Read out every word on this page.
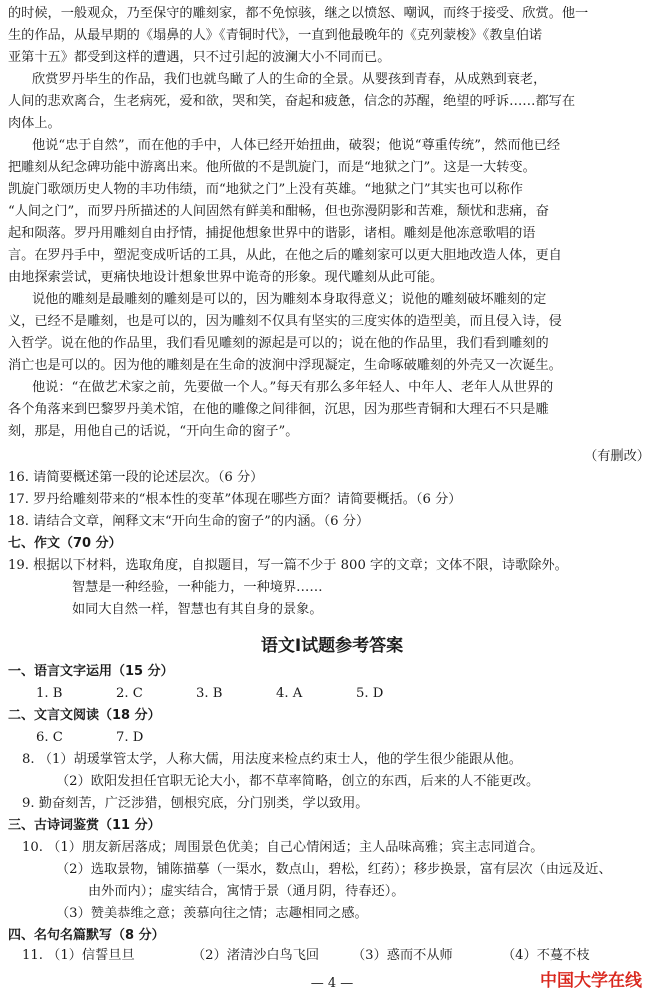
的时候，一般观众，乃至保守的雕刻家，都不免惊骇，继之以愤怒、嘲讽，而终于接受、欣赏。他一
生的作品，从最早期的《塌鼻的人》《青铜时代》，一直到他最晚年的《克列蒙梭》《教皇伯诺
亚第十五》都受到这样的遭遇，只不过引起的波澜大小不同而已。
欣赏罗丹毕生的作品，我们也就鸟瞰了人的生命的全景。从婴孩到青春，从成熟到衰老，
人间的悲欢离合，生老病死，爱和欲，哭和笑，奋起和疲惫，信念的苏醒，绝望的呼诉……都写在
肉体上。
他说“忠于自然”，而在他的手中，人体已经开始扭曲，破裂；他说“尊重传统”，然而他已经
把雕刻从纪念碑功能中游离出来。他所做的不是凯旋门，而是“地狱之门”。这是一大转变。
凯旋门歌颂历史人物的丰功伟绩，而“地狱之门”上没有英雄。“地狱之门”其实也可以称作
“人间之门”，而罗丹所描述的人间固然有鲜美和酣畅，但也弥漫阴影和苦难，颓忧和悲痛，奋
起和陨落。罗丹用雕刻自由抒情，捕捉他想象世界中的谐影，诸相。雕刻是他冻意歌唱的语
言。在罗丹手中，塑泥变成听话的工具，从此，在他之后的雕刻家可以更大胆地改造人体，更自
由地探索尝试，更痛快地设计想象世界中诡奇的形象。现代雕刻从此可能。
说他的雕刻是最雕刻的雕刻是可以的，因为雕刻本身取得意义；说他的雕刻破坏雕刻的定
义，已经不是雕刻，也是可以的，因为雕刻不仅具有坚实的三度实体的造型美，而且侵入诗，侵
入哲学。说在他的作品里，我们看见雕刻的源起是可以的；说在他的作品里，我们看到雕刻的
消亡也是可以的。因为他的雕刻是在生命的波涧中浮现凝定，生命啄破雕刻的外壳又一次诞生。
他说：“在做艺术家之前，先要做一个人。”每天有那么多年轻人、中年人、老年人从世界的
各个角落来到巴黎罗丹美术馆，在他的雕像之间徘徊，沉思，因为那些青铜和大理石不只是雕
刻，那是，用他自己的话说，“开向生命的窗子”。
（有删改）
16. 请简要概述第一段的论述层次。（6 分）
17. 罗丹给雕刻带来的“根本性的变革”体现在哪些方面？请简要概括。（6 分）
18. 请结合文章，阐释文末“开向生命的窗子”的内涵。（6 分）
七、作文（70 分）
19. 根据以下材料，选取角度，自拟题目，写一篇不少于 800 字的文章；文体不限，诗歌除外。
智慧是一种经验，一种能力，一种境界……
如同大自然一样，智慧也有其自身的景象。
语文Ⅰ试题参考答案
一、语言文字运用（15 分）
1. B	2. C	3. B	4. A	5. D
二、文言文阅读（18 分）
6. C	7. D
8. （1）胡瑗掌管太学，人称大儒，用法度来检点约束士人，他的学生很少能跟从他。
（2）欧阳发担任官职无论大小，都不草率简略，创立的东西，后来的人不能更改。
9. 勤奋刻苦，广泛涉猎，刨根究底，分门别类，学以致用。
三、古诗词鉴赏（11 分）
10. （1）朋友新居落成；周围景色优美；自己心情闲适；主人品味高雅；宾主志同道合。
（2）选取景物，铺陈描摹（一渠水，数点山，碧松，红药）；移步换景，富有层次（由远及近、
由外而内）；虚实结合，寓情于景（通月阴，待春还）。
（3）赞美恭维之意；羡慕向往之情；志趣相同之感。
四、名句名篇默写（8 分）
11. （1）信誓旦旦	（2）渚清沙白鸟飞回 （3）惑而不从师	（4）不蔓不枝
— 4 —	中国大学在线
